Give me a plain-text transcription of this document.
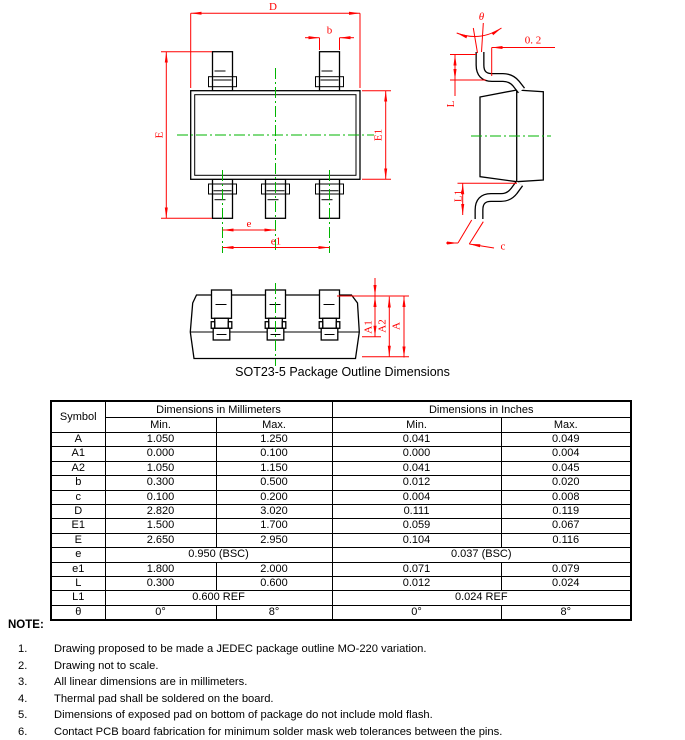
D
b
E	E1
e
e1
θ
0. 2
L
L1
c
A1 A2 A
SOT23-5 Package Outline Dimensions
Symbol	Dimensions in Millimeters		Dimensions in Inches	
	Min.	Max.	Min.	Max.
A	1.050	1.250	0.041	0.049
A1	0.000	0.100	0.000	0.004
A2	1.050	1.150	0.041	0.045
b	0.300	0.500	0.012	0.020
c	0.100	0.200	0.004	0.008
D	2.820	3.020	0.111	0.119
E1	1.500	1.700	0.059	0.067
E	2.650	2.950	0.104	0.116
e	0.950 (BSC)		0.037 (BSC)	
e1	1.800	2.000	0.071	0.079
L	0.300	0.600	0.012	0.024
L1	0.600 REF		0.024 REF	
θ	0°	8°	0°	8°

NOTE:

1.	Drawing proposed to be made a JEDEC package outline MO-220 variation.
2.	Drawing not to scale.
3.	All linear dimensions are in millimeters.
4.	Thermal pad shall be soldered on the board.
5.	Dimensions of exposed pad on bottom of package do not include mold flash.
6.	Contact PCB board fabrication for minimum solder mask web tolerances between the pins.
